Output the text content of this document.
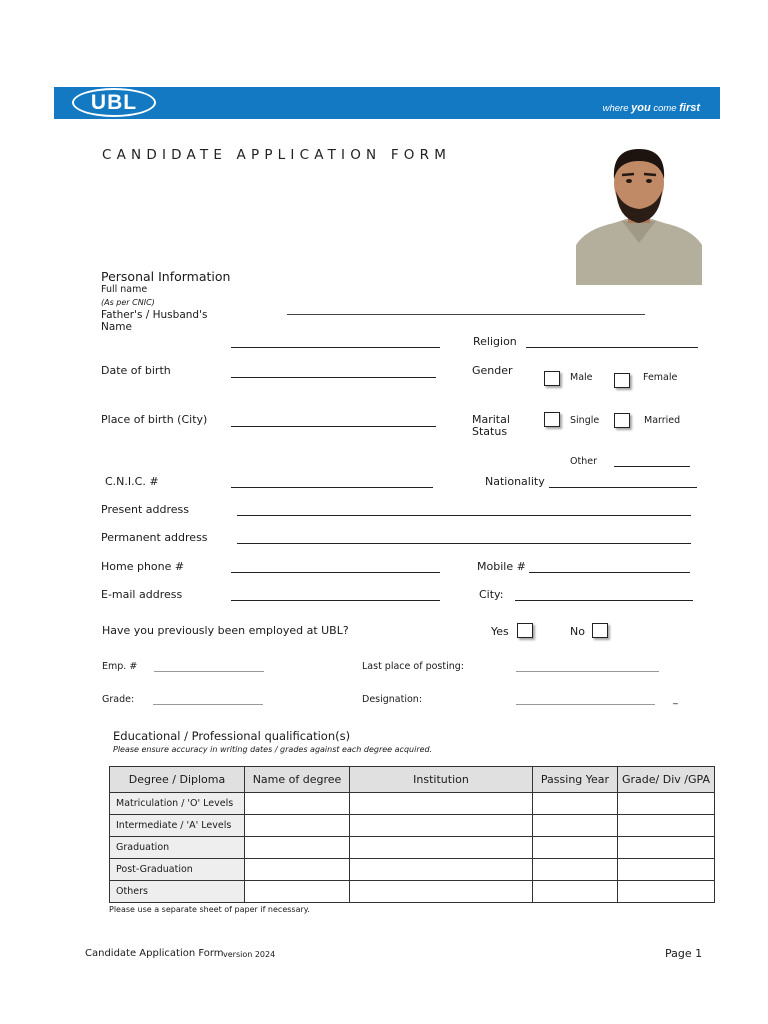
UBL	where you come first
CANDIDATE APPLICATION FORM
Personal Information
Full name
(As per CNIC)
Father's / Husband's
Name
Religion
Date of birth	Gender
Male	Female
Place of birth (City)	Marital
Status
Single	Married
Other
C.N.I.C. #	Nationality
Present address
Permanent address
Home phone #	Mobile #
E-mail address	City:
Have you previously been employed at UBL?	Yes	No
Emp. #	Last place of posting:
Grade:	Designation:	_
Educational / Professional qualification(s)
Please ensure accuracy in writing dates / grades against each degree acquired.
Degree / Diploma	Name of degree	Institution	Passing Year	Grade/ Div /GPA
Matriculation / 'O' Levels				
Intermediate / 'A' Levels				
Graduation				
Post-Graduation				
Others				
Please use a separate sheet of paper if necessary.
Candidate Application Form version 2024	Page 1
